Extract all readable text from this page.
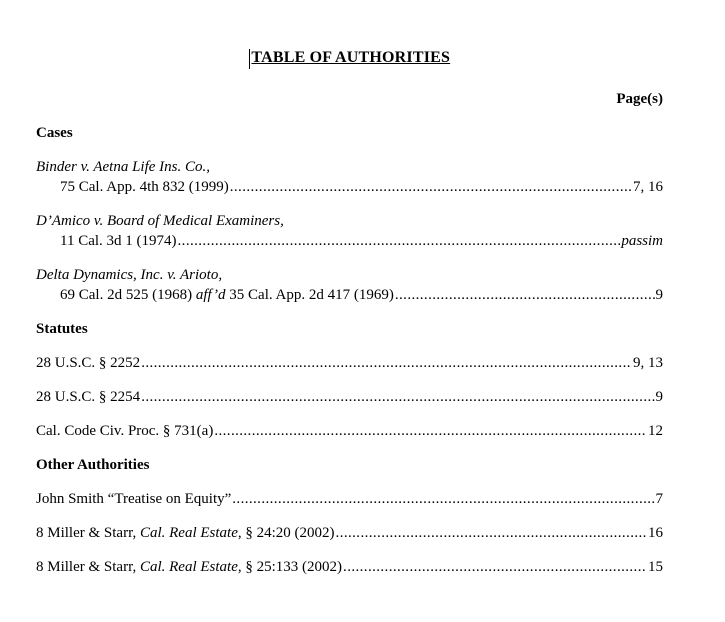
TABLE OF AUTHORITIES
Page(s)
Cases
Binder v. Aetna Life Ins. Co.,
75 Cal. App. 4th 832 (1999) .....	7, 16
D’Amico v. Board of Medical Examiners,
11 Cal. 3d 1 (1974) .....	passim
Delta Dynamics, Inc. v. Arioto,
69 Cal. 2d 525 (1968) aff’d 35 Cal. App. 2d 417 (1969) .....	9
Statutes
28 U.S.C. § 2252 .....	9, 13
28 U.S.C. § 2254 .....	9
Cal. Code Civ. Proc. § 731(a) .....	12
Other Authorities
John Smith “Treatise on Equity” .....	7
8 Miller & Starr, Cal. Real Estate, § 24:20 (2002) .....	16
8 Miller & Starr, Cal. Real Estate, § 25:133 (2002) .....	15
